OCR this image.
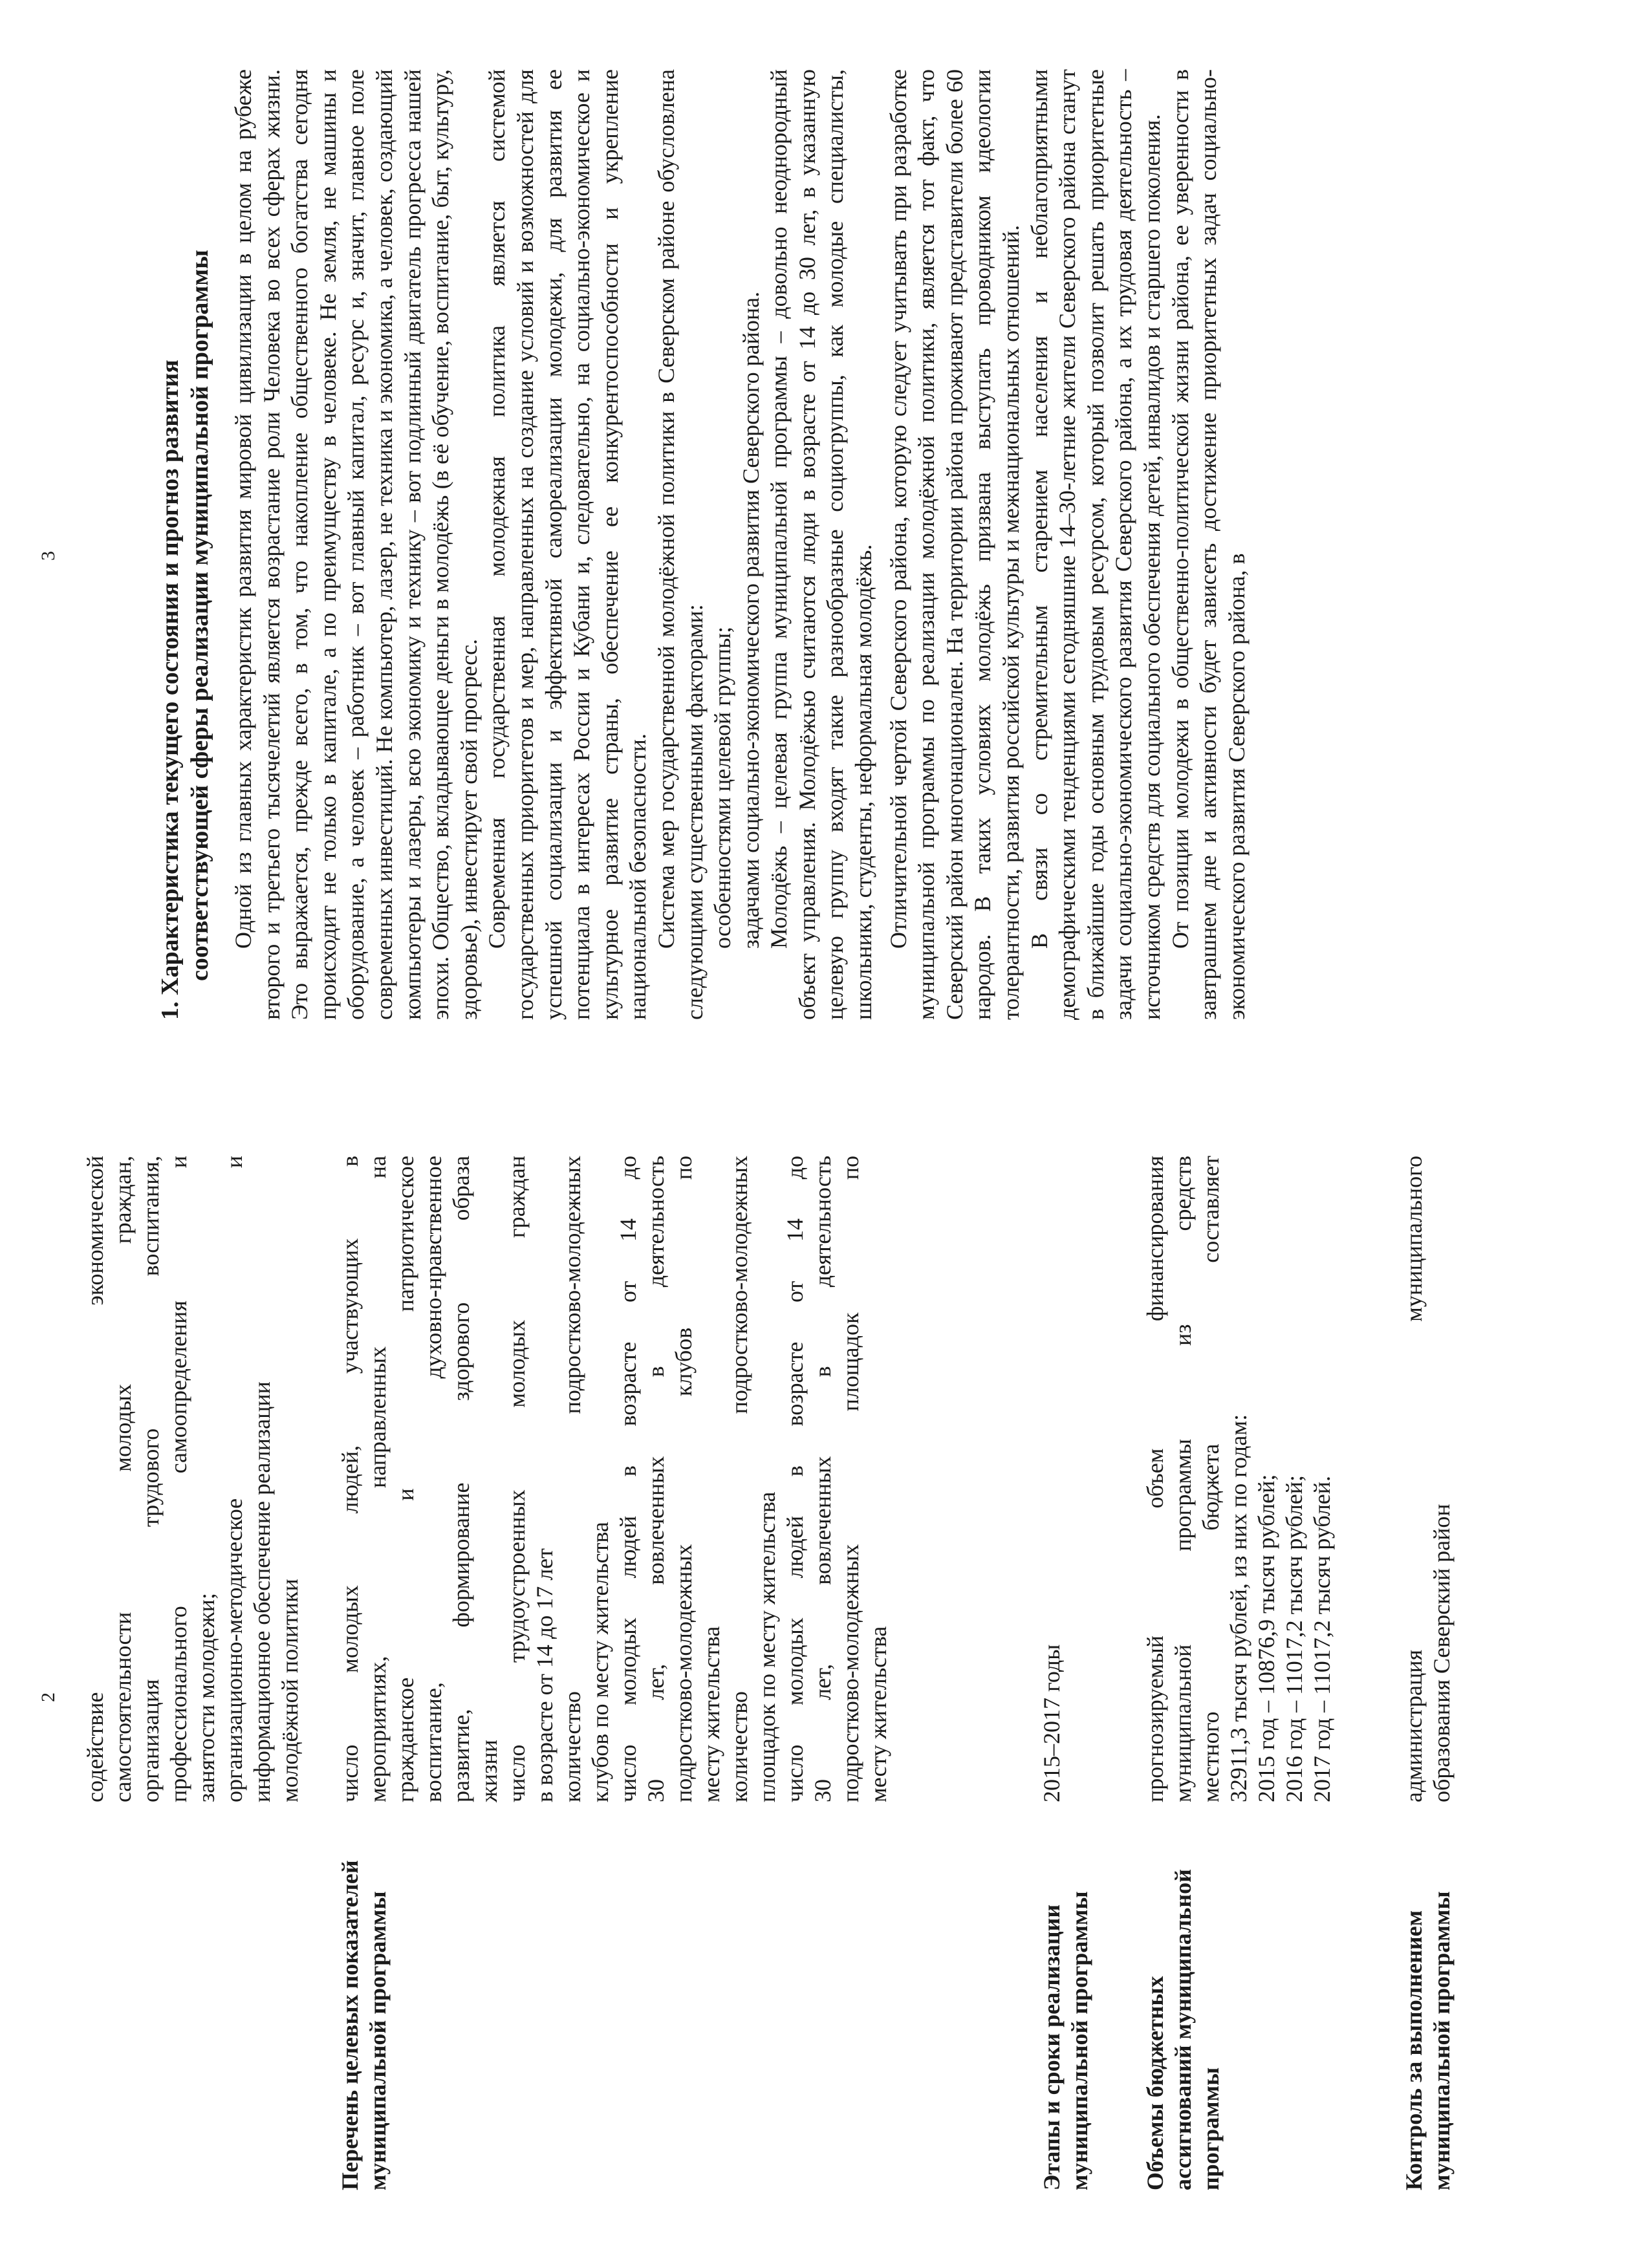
2 содействие экономической самостоятельности молодых граждан, организация трудового воспитания, профессионального самоопределения и занятости молодежи; организационно-методическое и информационное обеспечение реализации молодёжной политики
Перечень целевых показателей муниципальной программы
число молодых людей, участвующих в мероприятиях, направленных на гражданское и патриотическое воспитание, духовно-нравственное развитие, формирование здорового образа жизни число трудоустроенных молодых граждан в возрасте от 14 до 17 лет количество подростково-молодежных клубов по месту жительства число молодых людей в возрасте от 14 до 30 лет, вовлеченных в деятельность подростково-молодежных клубов по месту жительства количество подростково-молодежных площадок по месту жительства число молодых людей в возрасте от 14 до 30 лет, вовлеченных в деятельность подростково-молодежных площадок по месту жительства
Этапы и сроки реализации муниципальной программы
2015–2017 годы
Объемы бюджетных ассигнований муниципальной программы
прогнозируемый объем финансирования муниципальной программы из средств местного бюджета составляет 32911,3 тысяч рублей, из них по годам: 2015 год – 10876,9 тысяч рублей; 2016 год – 11017,2 тысяч рублей; 2017 год – 11017,2 тысяч рублей.
Контроль за выполнением муниципальной программы
администрация муниципального образования Северский район
3	1. Характеристика текущего состояния и прогноз развития соответствующей сферы реализации муниципальной программы Одной из главных характеристик развития мировой цивилизации в целом на рубеже второго и третьего тысячелетий является возрастание роли Человека во всех сферах жизни. Это выражается, прежде всего, в том, что накопление общественного богатства сегодня происходит не только в капитале, а по преимуществу в человеке. Не земля, не машины и оборудование, а человек – работник – вот главный капитал, ресурс и, значит, главное поле современных инвестиций. Не компьютер, лазер, не техника и экономика, а человек, создающий компьютеры и лазеры, всю экономику и технику – вот подлинный двигатель прогресса нашей эпохи. Общество, вкладывающее деньги в молодёжь (в её обучение, воспитание, быт, культуру, здоровье), инвестирует свой прогресс. Современная государственная молодежная политика является системой государственных приоритетов и мер, направленных на создание условий и возможностей для успешной социализации и эффективной самореализации молодежи, для развития ее потенциала в интересах России и Кубани и, следовательно, на социально-экономическое и культурное развитие страны, обеспечение ее конкурентоспособности и укрепление национальной безопасности. Система мер государственной молодёжной политики в Северском районе обусловлена следующими существенными факторами: особенностями целевой группы; задачами социально-экономического развития Северского района. Молодёжь – целевая группа муниципальной программы – довольно неоднородный объект управления. Молодёжью считаются люди в возрасте от 14 до 30 лет, в указанную целевую группу входят такие разнообразные социогруппы, как молодые специалисты, школьники, студенты, неформальная молодёжь. Отличительной чертой Северского района, которую следует учитывать при разработке муниципальной программы по реализации молодёжной политики, является тот факт, что Северский район многонационален. На территории района проживают представители более 60 народов. В таких условиях молодёжь призвана выступать проводником идеологии толерантности, развития российской культуры и межнациональных отношений. В связи со стремительным старением населения и неблагоприятными демографическими тенденциями сегодняшние 14–30-летние жители Северского района станут в ближайшие годы основным трудовым ресурсом, который позволит решать приоритетные задачи социально-экономического развития Северского района, а их трудовая деятельность – источником средств для социального обеспечения детей, инвалидов и старшего поколения. От позиции молодежи в общественно-политической жизни района, ее уверенности в завтрашнем дне и активности будет зависеть достижение приоритетных задач социально-экономического развития Северского района, в
